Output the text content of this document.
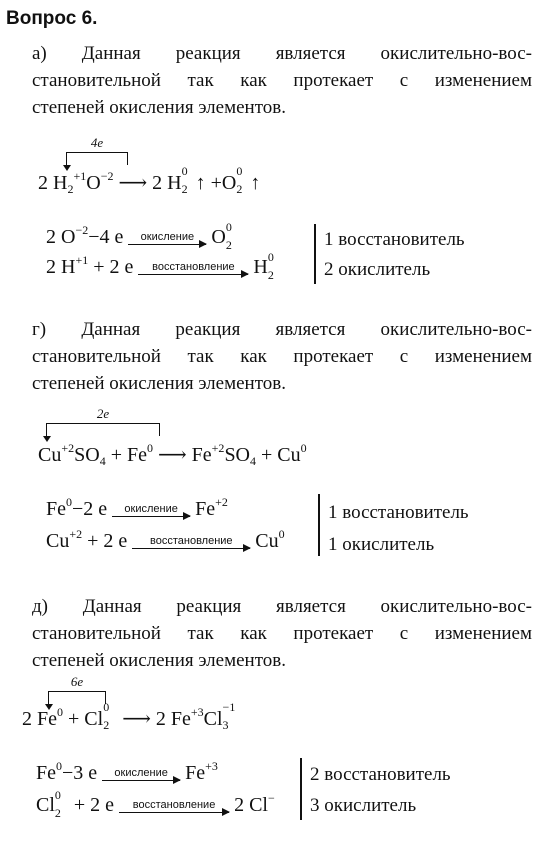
Вопрос 6.
а) Данная реакция является окислительно-вос-
становительной так как протекает с изменением
степеней окисления элементов.
4e
2 $H_2^{+1}O^{-2}$ ⟶ 2 H
0
2 ↑ +O
0
2 ↑
2 $O^{-2}-4$ e	окисление O 0
2
2 $H^{+1} + 2$ e	восстановление H 0
2
1 восстановитель
2 окислитель
г) Данная реакция является окислительно-вос-
становительной так как протекает с изменением
степеней окисления элементов.
2e
$Cu^{+2}SO_4 + Fe^0$ ⟶ $Fe^{+2}SO_4 + Cu^0$
$Fe^0-2$ e	окисление $Fe^{+2}$
$Cu^{+2} + 2$ e	восстановление Cu$^0$
1 восстановитель
1 окислитель
д) Данная реакция является окислительно-вос-
становительной так как протекает с изменением
степеней окисления элементов.
6e
2 $Fe^0 + Cl$
0
2 ⟶ 2 $Fe^{+3}Cl$
−1
3
$Fe^0-3$ e	окисление $Fe^{+3}$
Cl 0
2 + 2 e	восстановление 2 Cl−
2 восстановитель
3 окислитель
